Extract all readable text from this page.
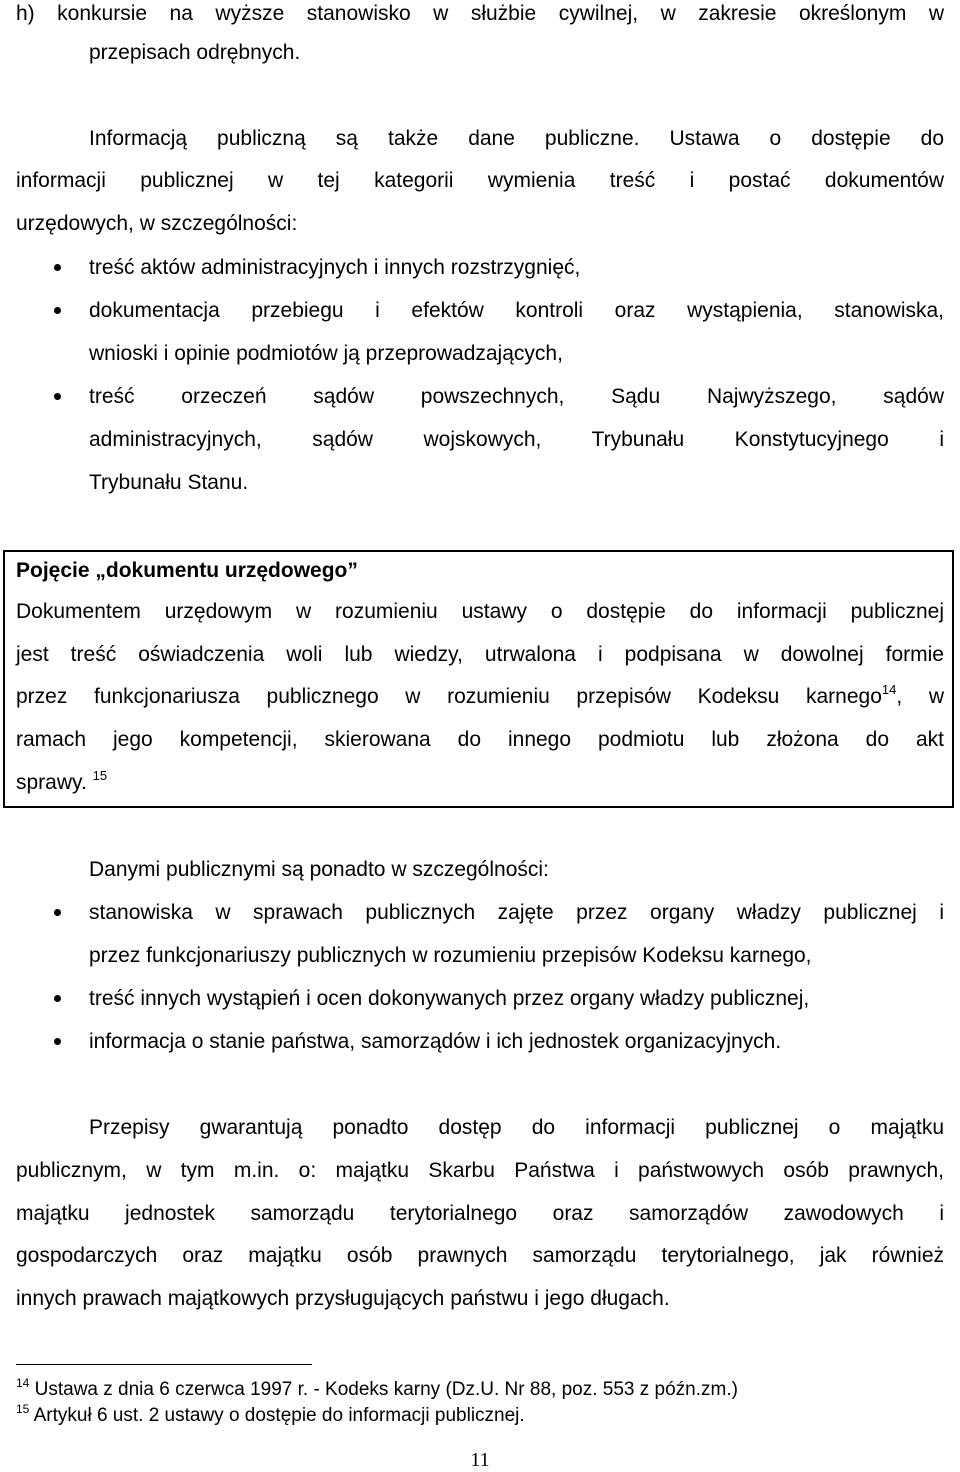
h) konkursie na wyższe stanowisko w służbie cywilnej, w zakresie określonym w
przepisach odrębnych.
Informacją publiczną są także dane publiczne. Ustawa o dostępie do
informacji publicznej w tej kategorii wymienia treść i postać dokumentów
urzędowych, w szczególności:
treść aktów administracyjnych i innych rozstrzygnięć,
dokumentacja przebiegu i efektów kontroli oraz wystąpienia, stanowiska,
wnioski i opinie podmiotów ją przeprowadzających,
treść orzeczeń sądów powszechnych, Sądu Najwyższego, sądów
administracyjnych, sądów wojskowych, Trybunału Konstytucyjnego i
Trybunału Stanu.
Pojęcie „dokumentu urzędowego”
Dokumentem urzędowym w rozumieniu ustawy o dostępie do informacji publicznej
jest treść oświadczenia woli lub wiedzy, utrwalona i podpisana w dowolnej formie
przez funkcjonariusza publicznego w rozumieniu przepisów Kodeksu karnego$^{14}$, w
ramach jego kompetencji, skierowana do innego podmiotu lub złożona do akt
sprawy. $^{15}$
Danymi publicznymi są ponadto w szczególności:
stanowiska w sprawach publicznych zajęte przez organy władzy publicznej i
przez funkcjonariuszy publicznych w rozumieniu przepisów Kodeksu karnego,
treść innych wystąpień i ocen dokonywanych przez organy władzy publicznej,
informacja o stanie państwa, samorządów i ich jednostek organizacyjnych.
Przepisy gwarantują ponadto dostęp do informacji publicznej o majątku
publicznym, w tym m.in. o: majątku Skarbu Państwa i państwowych osób prawnych,
majątku jednostek samorządu terytorialnego oraz samorządów zawodowych i
gospodarczych oraz majątku osób prawnych samorządu terytorialnego, jak również
innych prawach majątkowych przysługujących państwu i jego długach.
$^{14}$ Ustawa z dnia 6 czerwca 1997 r. - Kodeks karny (Dz.U. Nr 88, poz. 553 z późn.zm.)
$^{15}$ Artykuł 6 ust. 2 ustawy o dostępie do informacji publicznej.
11
